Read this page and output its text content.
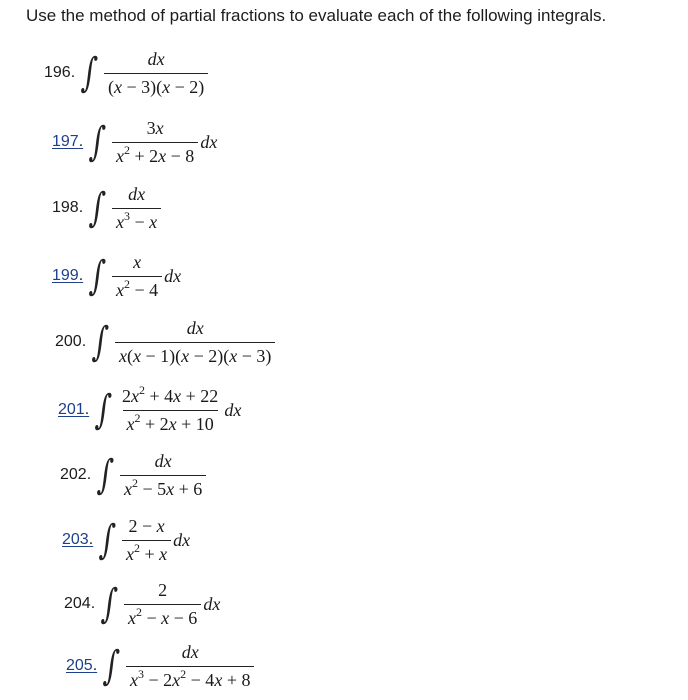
Use the method of partial fractions to evaluate each of the following integrals.
196. ∫ $\frac{dx}{(x - 3)(x - 2)}$
197. ∫ $\frac{3x}{x^2 + 2x - 8}$ dx
198. ∫ $\frac{dx}{x^3 - x}$
199. ∫ $\frac{x}{x^2 - 4}$ dx
200. ∫ $\frac{dx}{x(x - 1)(x - 2)(x - 3)}$
201. ∫ $\frac{2x^2 + 4x + 22}{x^2 + 2x + 10}$ dx
202. ∫ $\frac{dx}{x^2 - 5x + 6}$
203. ∫ $\frac{2 - x}{x^2 + x}$ dx
204. ∫ $\frac{2}{x^2 - x - 6}$ dx
205. ∫ $\frac{dx}{x^3 - 2x^2 - 4x + 8}$
